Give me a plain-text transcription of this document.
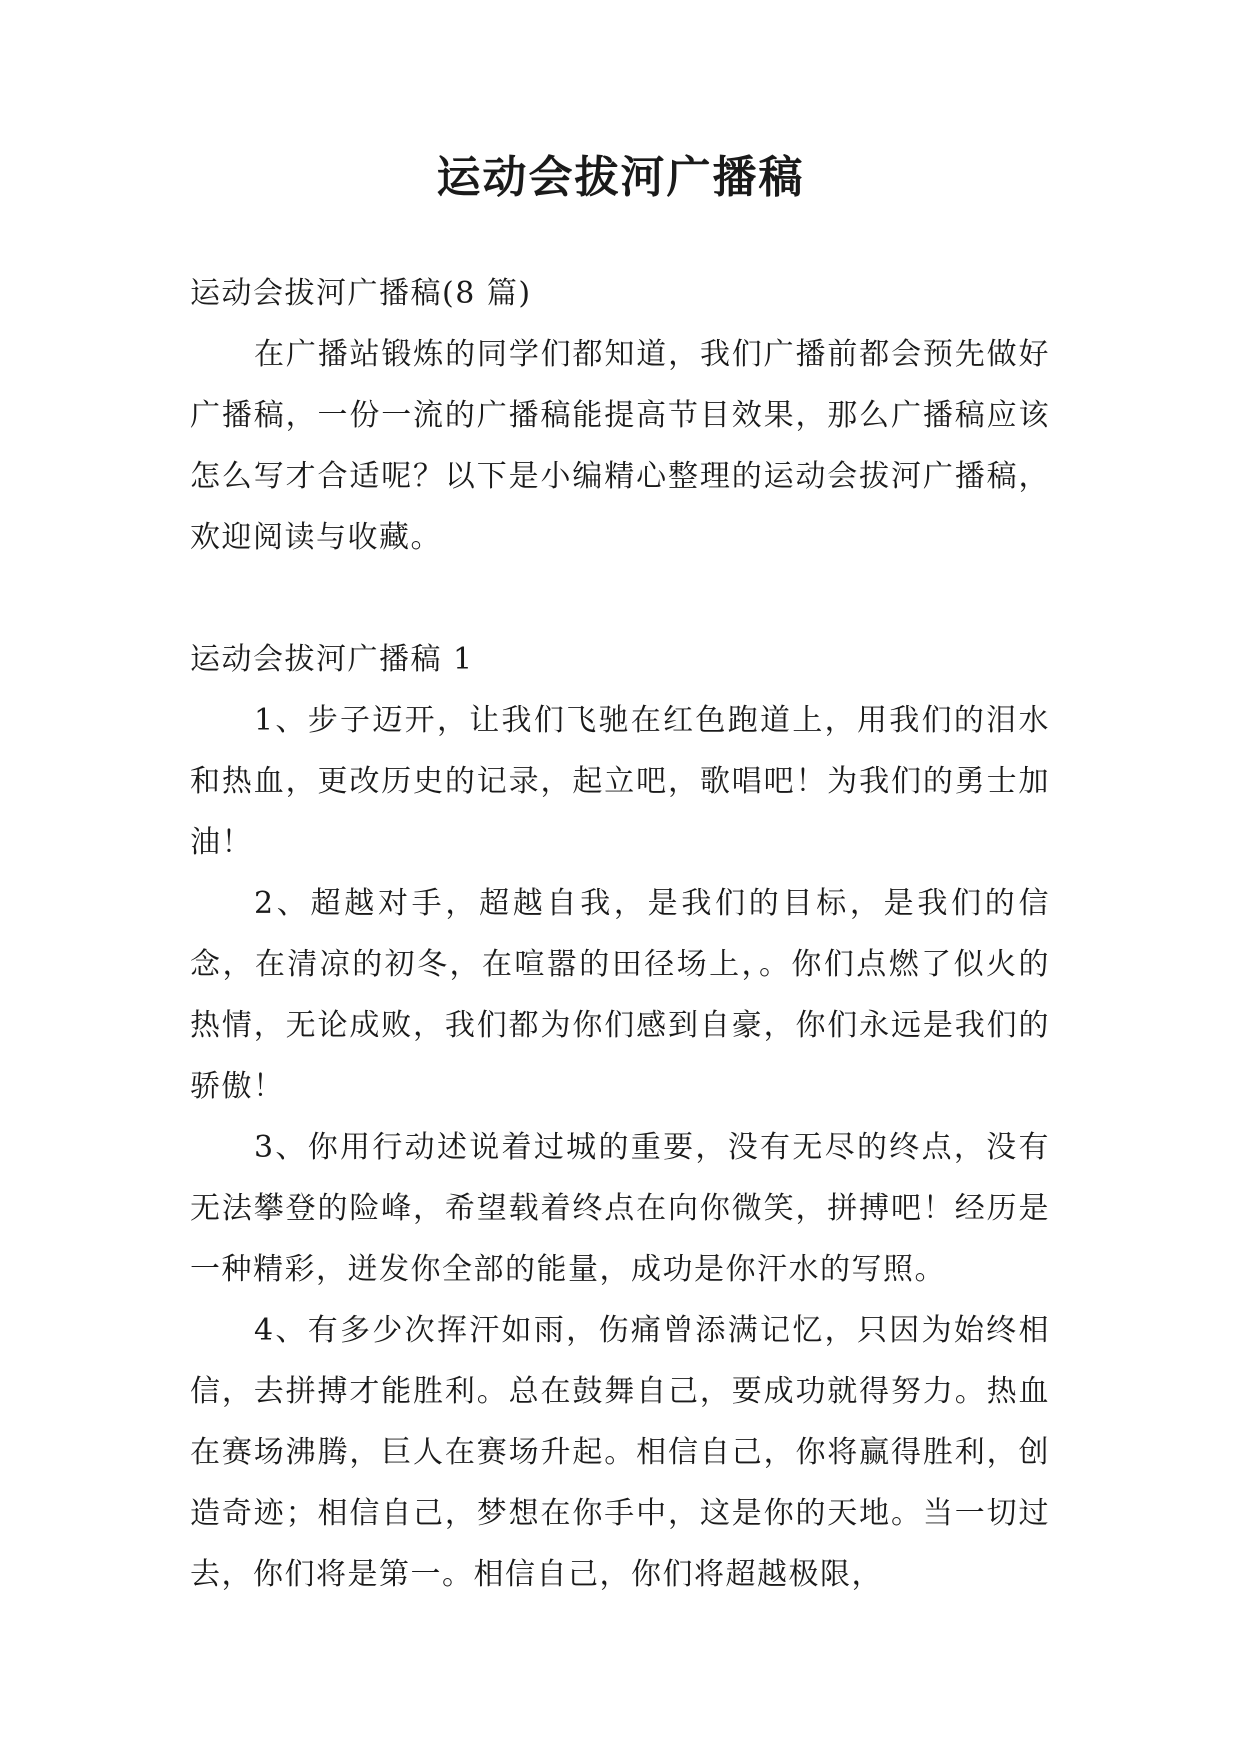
运动会拔河广播稿

运动会拔河广播稿(8 篇)

在广播站锻炼的同学们都知道，我们广播前都会预先做好广播稿，一份一流的广播稿能提高节目效果，那么广播稿应该怎么写才合适呢？以下是小编精心整理的运动会拔河广播稿，欢迎阅读与收藏。

运动会拔河广播稿 1

1、步子迈开，让我们飞驰在红色跑道上，用我们的泪水和热血，更改历史的记录，起立吧，歌唱吧！为我们的勇士加油！

2、超越对手，超越自我，是我们的目标，是我们的信念，在清凉的初冬，在喧嚣的田径场上，。你们点燃了似火的热情，无论成败，我们都为你们感到自豪，你们永远是我们的骄傲！

3、你用行动述说着过城的重要，没有无尽的终点，没有无法攀登的险峰，希望载着终点在向你微笑，拼搏吧！经历是一种精彩，迸发你全部的能量，成功是你汗水的写照。

4、有多少次挥汗如雨，伤痛曾添满记忆，只因为始终相信，去拼搏才能胜利。总在鼓舞自己，要成功就得努力。热血在赛场沸腾，巨人在赛场升起。相信自己，你将赢得胜利，创造奇迹；相信自己，梦想在你手中，这是你的天地。当一切过去，你们将是第一。相信自己，你们将超越极限，
